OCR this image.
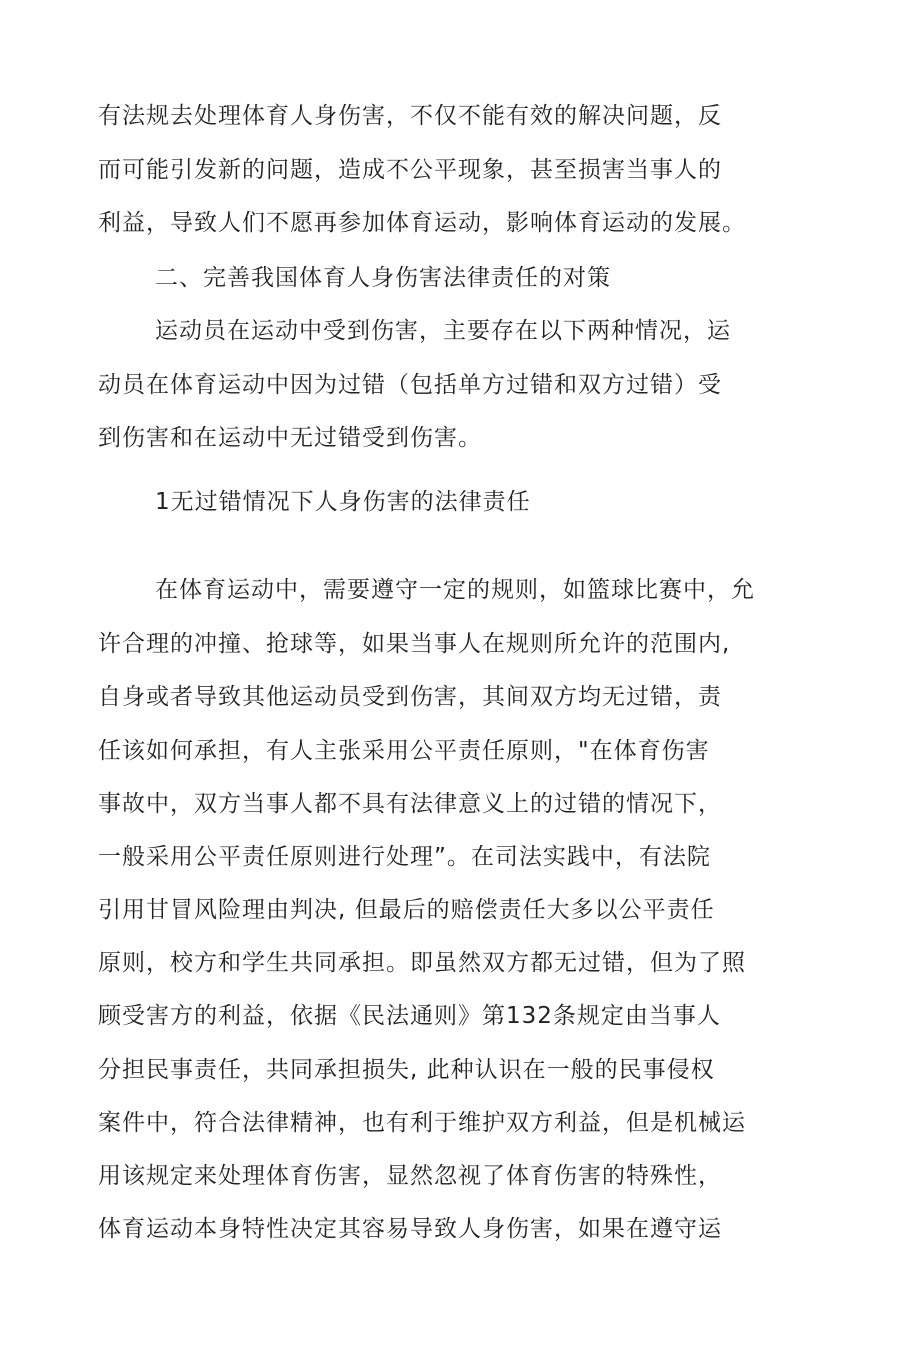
有法规去处理体育人身伤害，不仅不能有效的解决问题，反
而可能引发新的问题，造成不公平现象，甚至损害当事人的
利益，导致人们不愿再参加体育运动，影响体育运动的发展。
二、完善我国体育人身伤害法律责任的对策
运动员在运动中受到伤害，主要存在以下两种情况，运
动员在体育运动中因为过错（包括单方过错和双方过错）受
到伤害和在运动中无过错受到伤害。
1无过错情况下人身伤害的法律责任
在体育运动中，需要遵守一定的规则，如篮球比赛中，允
许合理的冲撞、抢球等，如果当事人在规则所允许的范围内,
自身或者导致其他运动员受到伤害，其间双方均无过错，责
任该如何承担，有人主张采用公平责任原则，"在体育伤害
事故中，双方当事人都不具有法律意义上的过错的情况下，
一般采用公平责任原则进行处理”。在司法实践中，有法院
引用甘冒风险理由判决, 但最后的赔偿责任大多以公平责任
原则，校方和学生共同承担。即虽然双方都无过错，但为了照
顾受害方的利益，依据《民法通则》第132条规定由当事人
分担民事责任，共同承担损失, 此种认识在一般的民事侵权
案件中，符合法律精神，也有利于维护双方利益，但是机械运
用该规定来处理体育伤害，显然忽视了体育伤害的特殊性，
体育运动本身特性决定其容易导致人身伤害，如果在遵守运
